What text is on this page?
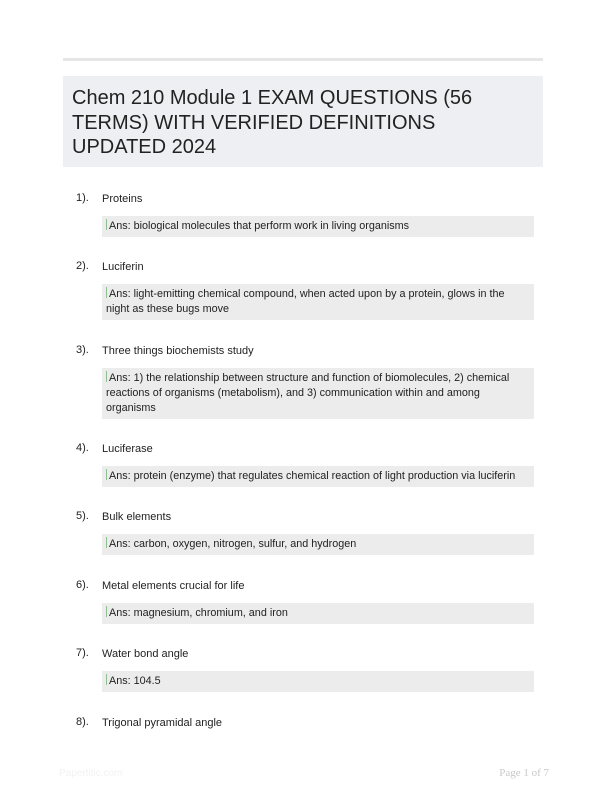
Chem 210 Module 1 EXAM QUESTIONS (56 TERMS) WITH VERIFIED DEFINITIONS UPDATED 2024
1). Proteins
Ans: biological molecules that perform work in living organisms
2). Luciferin
Ans: light-emitting chemical compound, when acted upon by a protein, glows in the night as these bugs move
3). Three things biochemists study
Ans: 1) the relationship between structure and function of biomolecules, 2) chemical reactions of organisms (metabolism), and 3) communication within and among organisms
4). Luciferase
Ans: protein (enzyme) that regulates chemical reaction of light production via luciferin
5). Bulk elements
Ans: carbon, oxygen, nitrogen, sulfur, and hydrogen
6). Metal elements crucial for life
Ans: magnesium, chromium, and iron
7). Water bond angle
Ans: 104.5
8). Trigonal pyramidal angle
Papertitic.com	Page 1 of 7
